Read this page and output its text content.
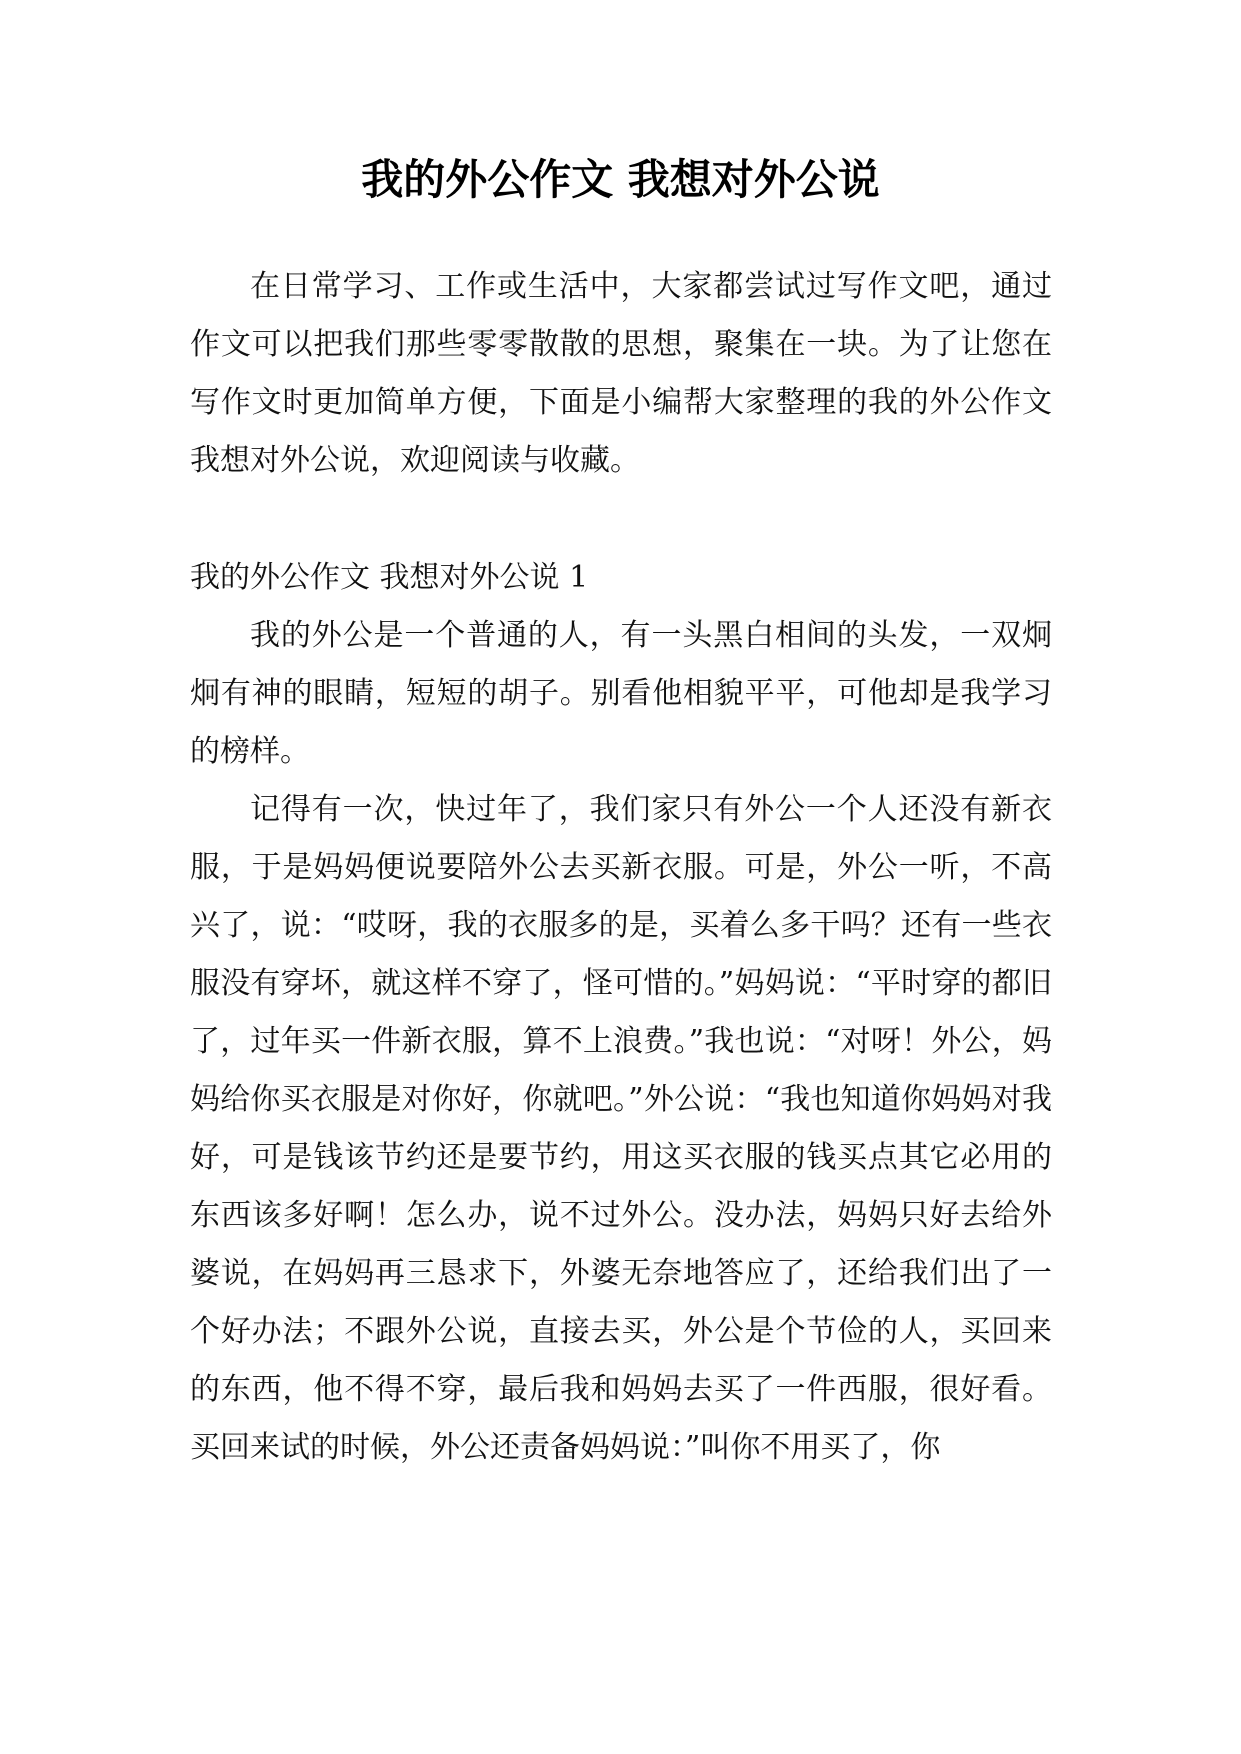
我的外公作文 我想对外公说

在日常学习、工作或生活中，大家都尝试过写作文吧，通过作文可以把我们那些零零散散的思想，聚集在一块。为了让您在写作文时更加简单方便，下面是小编帮大家整理的我的外公作文 我想对外公说，欢迎阅读与收藏。

我的外公作文 我想对外公说 1

我的外公是一个普通的人，有一头黑白相间的头发，一双炯炯有神的眼睛，短短的胡子。别看他相貌平平，可他却是我学习的榜样。

记得有一次，快过年了，我们家只有外公一个人还没有新衣服，于是妈妈便说要陪外公去买新衣服。可是，外公一听，不高兴了，说：“哎呀，我的衣服多的是，买着么多干吗？还有一些衣服没有穿坏，就这样不穿了，怪可惜的。”妈妈说：“平时穿的都旧了，过年买一件新衣服，算不上浪费。”我也说：“对呀！外公，妈妈给你买衣服是对你好，你就吧。”外公说：“我也知道你妈妈对我好，可是钱该节约还是要节约，用这买衣服的钱买点其它必用的东西该多好啊！怎么办，说不过外公。没办法，妈妈只好去给外婆说，在妈妈再三恳求下，外婆无奈地答应了，还给我们出了一个好办法；不跟外公说，直接去买，外公是个节俭的人，买回来的东西，他不得不穿，最后我和妈妈去买了一件西服，很好看。买回来试的时候，外公还责备妈妈说：”叫你不用买了，你
